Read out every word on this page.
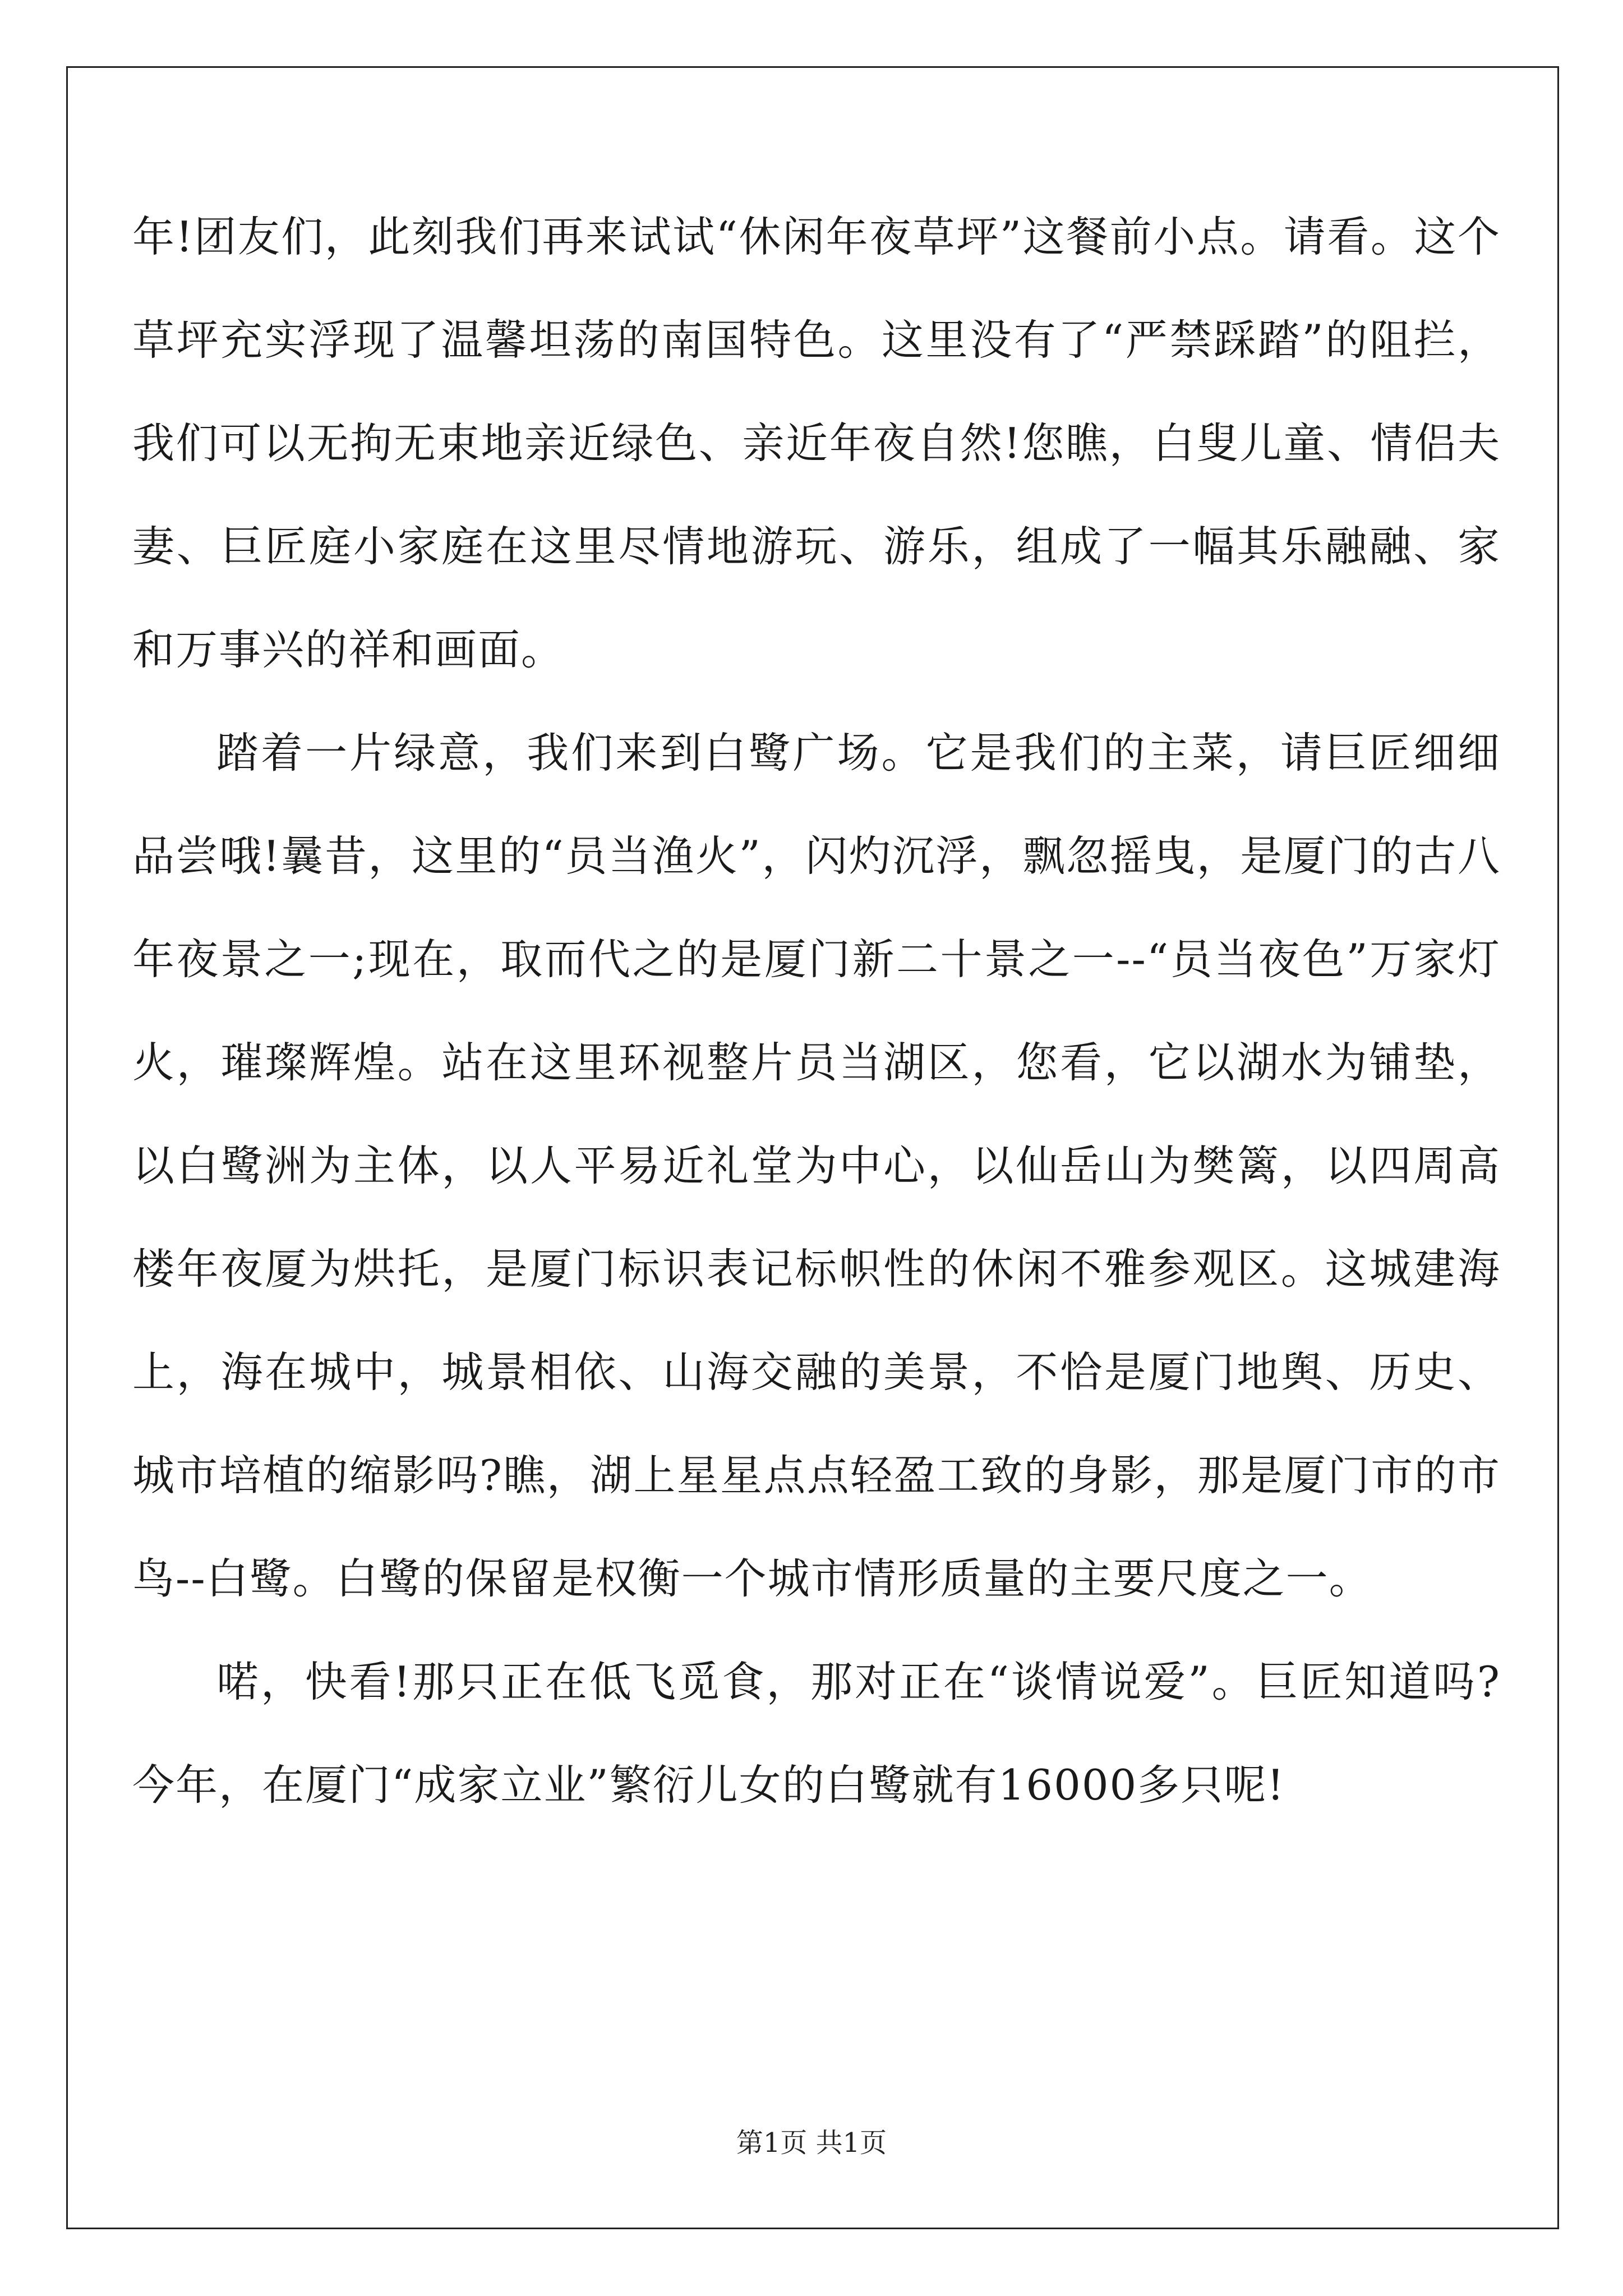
年!团友们，此刻我们再来试试“休闲年夜草坪”这餐前小点。请看。这个草坪充实浮现了温馨坦荡的南国特色。这里没有了“严禁踩踏”的阻拦，我们可以无拘无束地亲近绿色、亲近年夜自然!您瞧，白叟儿童、情侣夫妻、巨匠庭小家庭在这里尽情地游玩、游乐，组成了一幅其乐融融、家和万事兴的祥和画面。

踏着一片绿意，我们来到白鹭广场。它是我们的主菜，请巨匠细细品尝哦!曩昔，这里的“员当渔火”，闪灼沉浮，飘忽摇曳，是厦门的古八年夜景之一;现在，取而代之的是厦门新二十景之一--“员当夜色”万家灯火，璀璨辉煌。站在这里环视整片员当湖区，您看，它以湖水为铺垫，以白鹭洲为主体，以人平易近礼堂为中心，以仙岳山为樊篱，以四周高楼年夜厦为烘托，是厦门标识表记标帜性的休闲不雅参观区。这城建海上，海在城中，城景相依、山海交融的美景，不恰是厦门地舆、历史、城市培植的缩影吗?瞧，湖上星星点点轻盈工致的身影，那是厦门市的市鸟--白鹭。白鹭的保留是权衡一个城市情形质量的主要尺度之一。

喏，快看!那只正在低飞觅食，那对正在“谈情说爱”。巨匠知道吗?今年，在厦门“成家立业”繁衍儿女的白鹭就有16000多只呢!

第1页 共1页
